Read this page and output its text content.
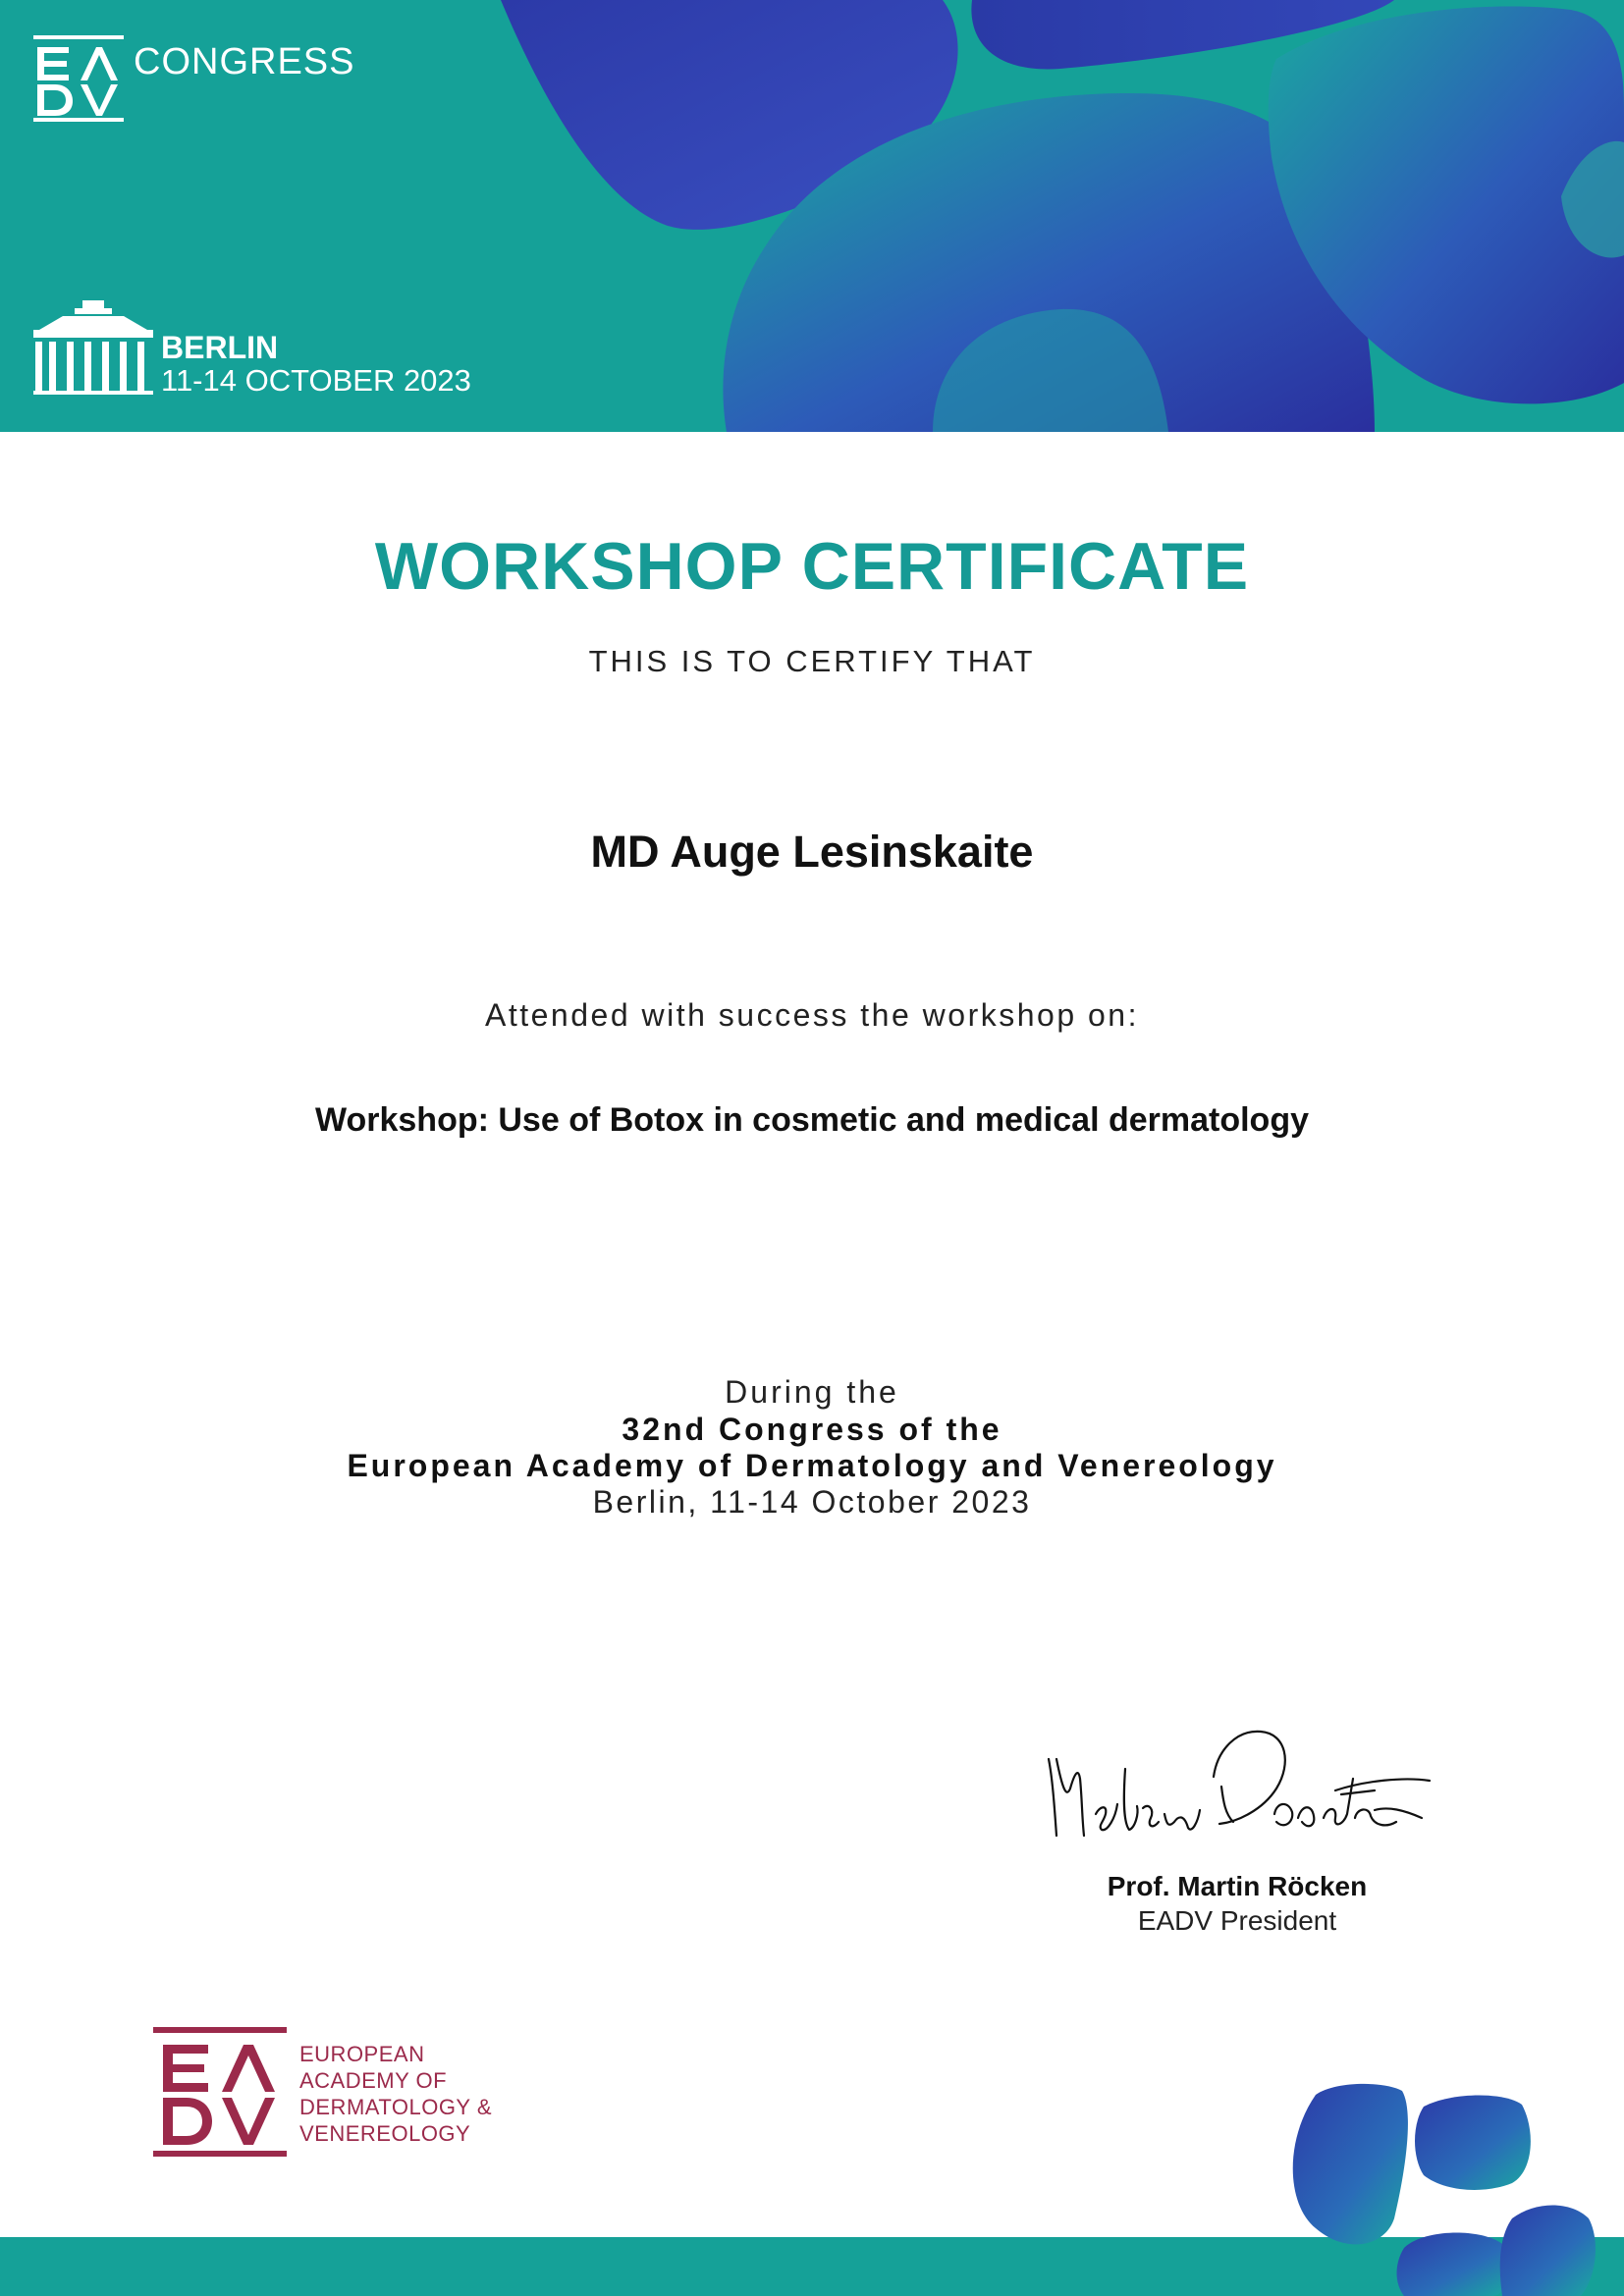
CONGRESS
BERLIN
11-14 OCTOBER 2023
WORKSHOP CERTIFICATE
THIS IS TO CERTIFY THAT
MD Auge Lesinskaite
Attended with success the workshop on:
Workshop: Use of Botox in cosmetic and medical dermatology
During the
32nd Congress of the
European Academy of Dermatology and Venereology
Berlin, 11-14 October 2023
Prof. Martin Röcken
EADV President
EUROPEAN
ACADEMY OF
DERMATOLOGY &
VENEREOLOGY
